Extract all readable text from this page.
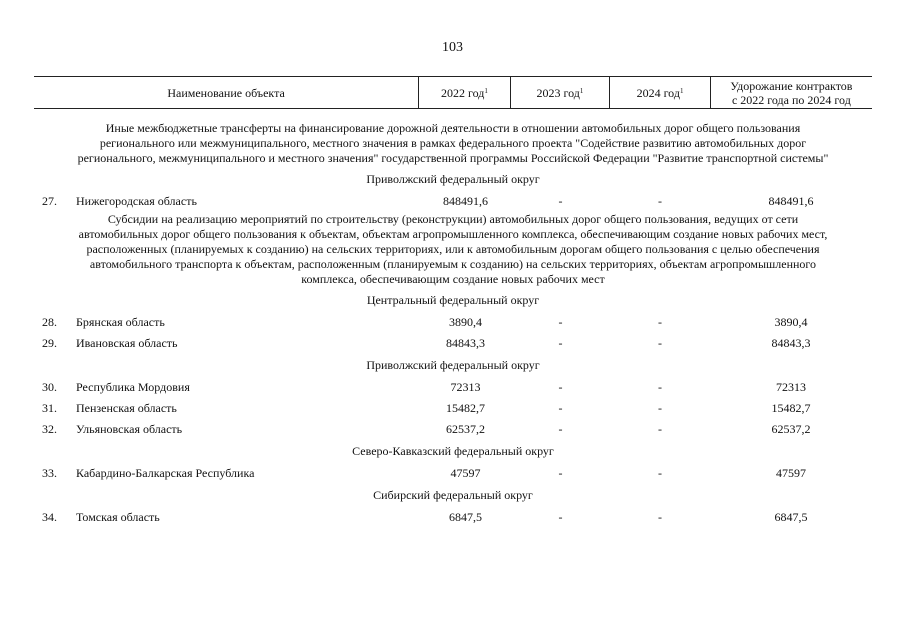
103
Наименование объекта	2022 год$^1$	2023 год$^1$	2024 год$^1$	Удорожание контрактов
с 2022 года по 2024 год
Иные межбюджетные трансферты на финансирование дорожной деятельности в отношении автомобильных дорог общего пользования
регионального или межмуниципального, местного значения в рамках федерального проекта "Содействие развитию автомобильных дорог
регионального, межмуниципального и местного значения" государственной программы Российской Федерации "Развитие транспортной системы"
Приволжский федеральный округ
27.	Нижегородская область	848491,6	-	-	848491,6
Субсидии на реализацию мероприятий по строительству (реконструкции) автомобильных дорог общего пользования, ведущих от сети
автомобильных дорог общего пользования к объектам, объектам агропромышленного комплекса, обеспечивающим создание новых рабочих мест,
расположенных (планируемых к созданию) на сельских территориях, или к автомобильным дорогам общего пользования с целью обеспечения
автомобильного транспорта к объектам, расположенным (планируемым к созданию) на сельских территориях, объектам агропромышленного
комплекса, обеспечивающим создание новых рабочих мест
Центральный федеральный округ
28.	Брянская область	3890,4	-	-	3890,4
29.	Ивановская область	84843,3	-	-	84843,3
Приволжский федеральный округ
30.	Республика Мордовия	72313	-	-	72313
31.	Пензенская область	15482,7	-	-	15482,7
32.	Ульяновская область	62537,2	-	-	62537,2
Северо-Кавказский федеральный округ
33.	Кабардино-Балкарская Республика	47597	-	-	47597
Сибирский федеральный округ
34.	Томская область	6847,5	-	-	6847,5
